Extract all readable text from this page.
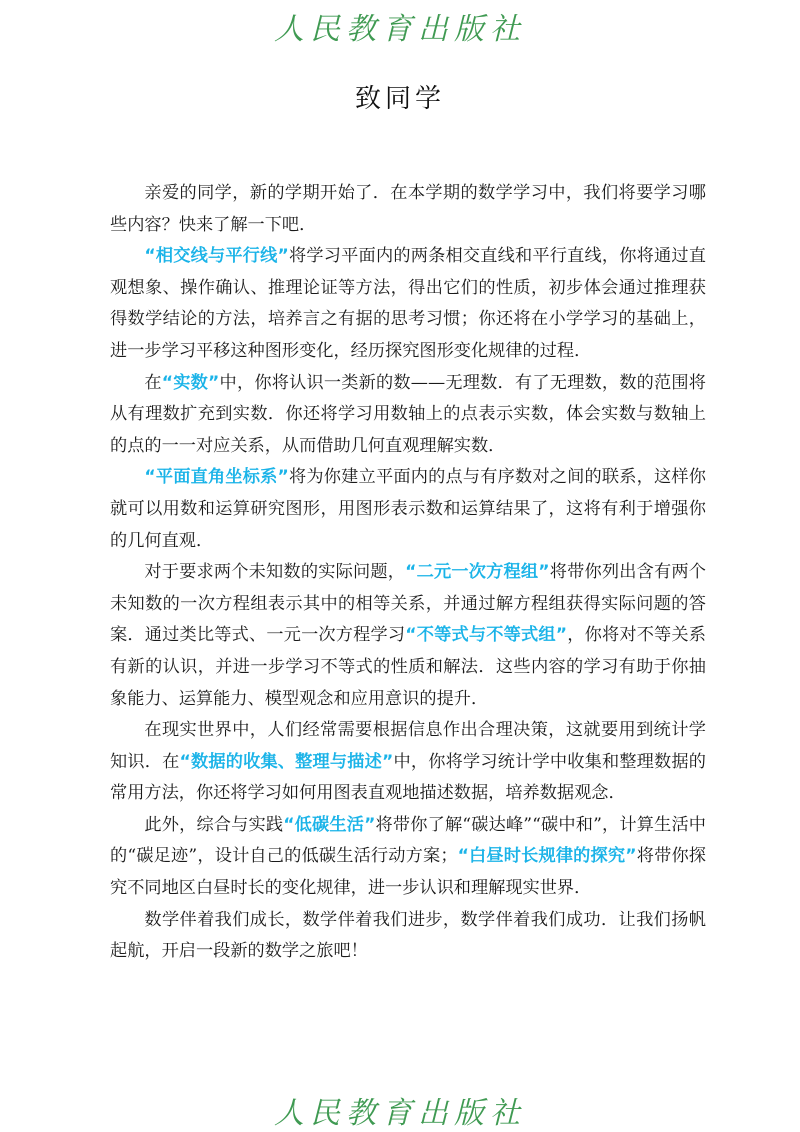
人民教育出版社
致同学

亲爱的同学，新的学期开始了．在本学期的数学学习中，我们将要学习哪些内容？快来了解一下吧．

“相交线与平行线”将学习平面内的两条相交直线和平行直线，你将通过直观想象、操作确认、推理论证等方法，得出它们的性质，初步体会通过推理获得数学结论的方法，培养言之有据的思考习惯；你还将在小学学习的基础上，进一步学习平移这种图形变化，经历探究图形变化规律的过程．

在“实数”中，你将认识一类新的数——无理数．有了无理数，数的范围将从有理数扩充到实数．你还将学习用数轴上的点表示实数，体会实数与数轴上的点的一一对应关系，从而借助几何直观理解实数．

“平面直角坐标系”将为你建立平面内的点与有序数对之间的联系，这样你就可以用数和运算研究图形，用图形表示数和运算结果了，这将有利于增强你的几何直观．

对于要求两个未知数的实际问题，“二元一次方程组”将带你列出含有两个未知数的一次方程组表示其中的相等关系，并通过解方程组获得实际问题的答案．通过类比等式、一元一次方程学习“不等式与不等式组”，你将对不等关系有新的认识，并进一步学习不等式的性质和解法．这些内容的学习有助于你抽象能力、运算能力、模型观念和应用意识的提升．

在现实世界中，人们经常需要根据信息作出合理决策，这就要用到统计学知识．在“数据的收集、整理与描述”中，你将学习统计学中收集和整理数据的常用方法，你还将学习如何用图表直观地描述数据，培养数据观念．

此外，综合与实践“低碳生活”将带你了解“碳达峰”“碳中和”，计算生活中的“碳足迹”，设计自己的低碳生活行动方案；“白昼时长规律的探究”将带你探究不同地区白昼时长的变化规律，进一步认识和理解现实世界．

数学伴着我们成长，数学伴着我们进步，数学伴着我们成功．让我们扬帆起航，开启一段新的数学之旅吧！

人民教育出版社
